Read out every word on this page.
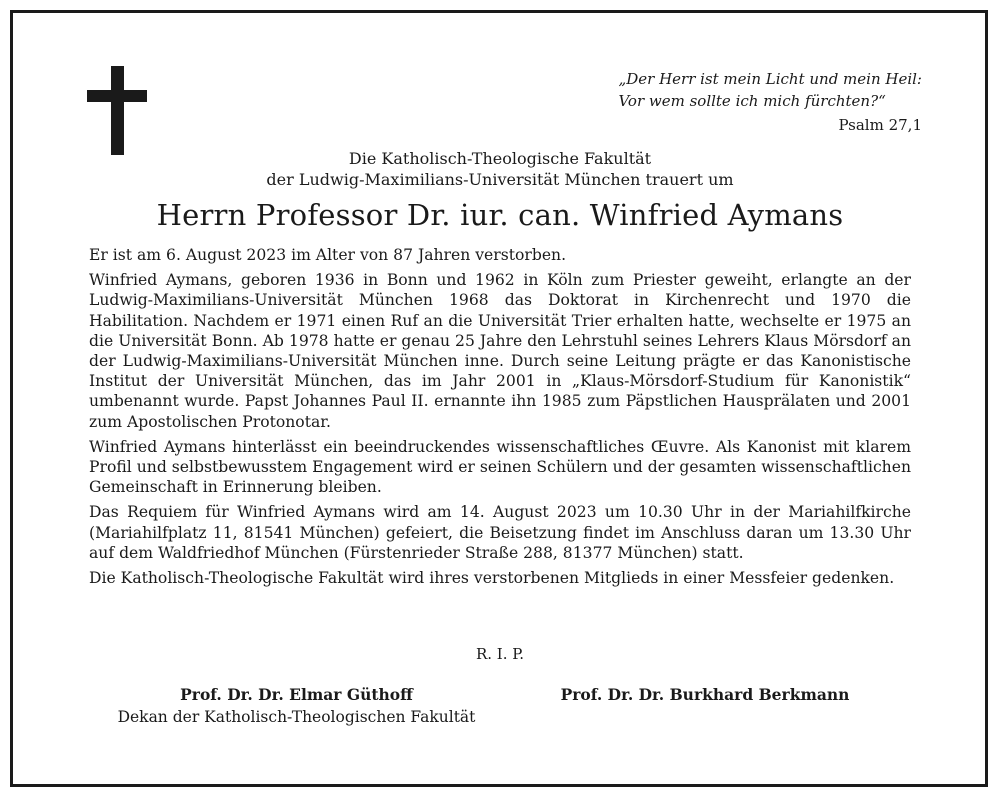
„Der Herr ist mein Licht und mein Heil:
Vor wem sollte ich mich fürchten?“
Psalm 27,1
Die Katholisch-Theologische Fakultät
der Ludwig-Maximilians-Universität München trauert um
Herrn Professor Dr. iur. can. Winfried Aymans

Er ist am 6. August 2023 im Alter von 87 Jahren verstorben.

Winfried Aymans, geboren 1936 in Bonn und 1962 in Köln zum Priester geweiht, erlangte an der Ludwig-Maximilians-Universität München 1968 das Doktorat in Kirchenrecht und 1970 die Habilitation. Nachdem er 1971 einen Ruf an die Universität Trier erhalten hatte, wechselte er 1975 an die Universität Bonn. Ab 1978 hatte er genau 25 Jahre den Lehrstuhl seines Lehrers Klaus Mörsdorf an der Ludwig-Maximilians-Universität München inne. Durch seine Leitung prägte er das Kanonistische Institut der Universität München, das im Jahr 2001 in „Klaus-Mörsdorf-Studium für Kanonistik“ umbenannt wurde. Papst Johannes Paul II. ernannte ihn 1985 zum Päpstlichen Hausprälaten und 2001 zum Apostolischen Protonotar.

Winfried Aymans hinterlässt ein beeindruckendes wissenschaftliches Œuvre. Als Kanonist mit klarem Profil und selbstbewusstem Engagement wird er seinen Schülern und der gesamten wissenschaftlichen Gemeinschaft in Erinnerung bleiben.

Das Requiem für Winfried Aymans wird am 14. August 2023 um 10.30 Uhr in der Mariahilfkirche (Mariahilfplatz 11, 81541 München) gefeiert, die Beisetzung findet im Anschluss daran um 13.30 Uhr auf dem Waldfriedhof München (Fürstenrieder Straße 288, 81377 München) statt.

Die Katholisch-Theologische Fakultät wird ihres verstorbenen Mitglieds in einer Messfeier gedenken.

R. I. P.
Prof. Dr. Dr. Elmar Güthoff
Dekan der Katholisch-Theologischen Fakultät
Prof. Dr. Dr. Burkhard Berkmann
